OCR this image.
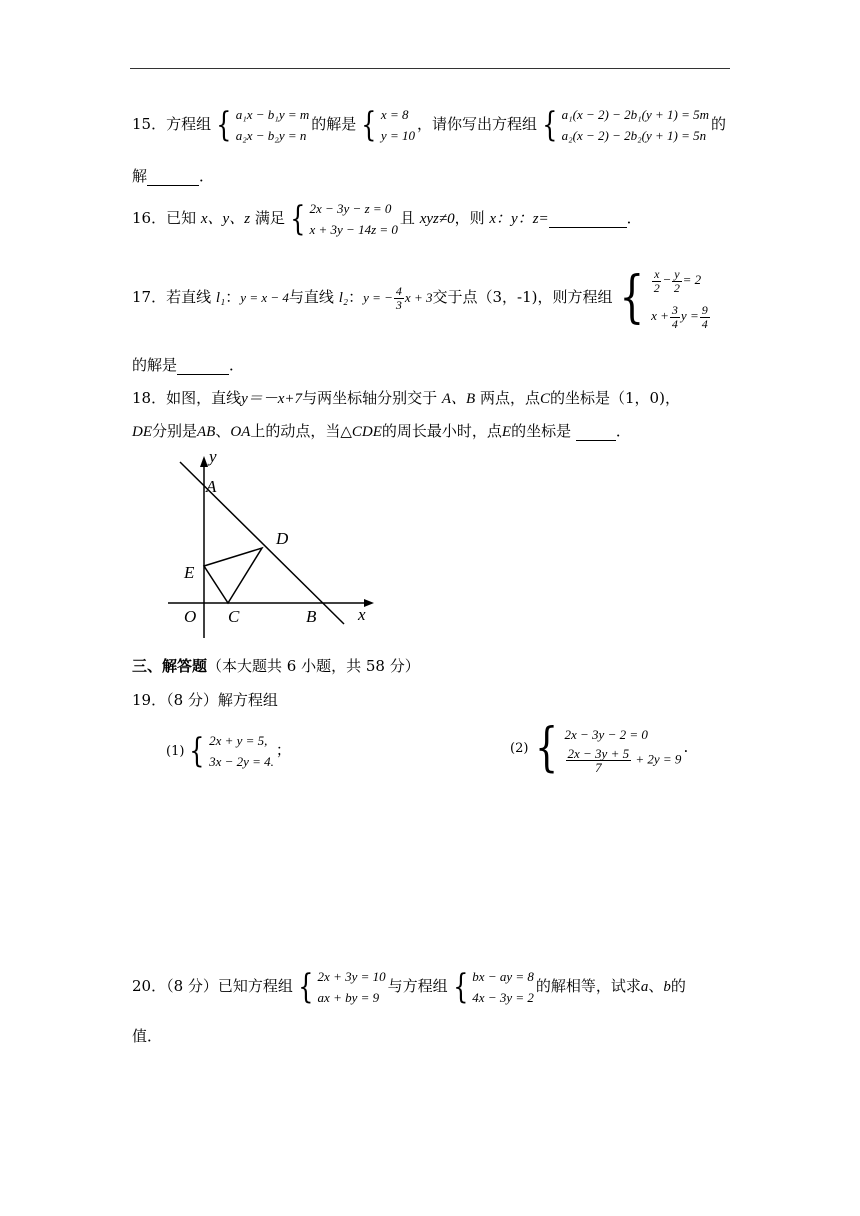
15．方程组 { a₁x − b₁y = m
a₂x − b₂y = n
的解是 { x = 8
y = 10
，请你写出方程组 { a₁(x − 2) − 2b₁(y + 1) = 5m
a₂(x − 2) − 2b₂(y + 1) = 5n
的
解	．
16．已知 x、y、z 满足 { 2x − 3y − z = 0
x + 3y − 14z = 0
且 xyz≠0，则 x：y：z=	．
17．若直线 l₁：y = x − 4与直线 l₂：y = − $\frac{4}{3}$ x + 3交于点（3，-1)，则方程组 { $\frac{x}{2} - \frac{y}{2} = 2$
$x + \frac{3}{4}$ $y = \frac{9}{4}$
的解是	．
18．如图，直线y＝－x+7与两坐标轴分别交于 A、B 两点，点C的坐标是（1，0)，
DE分别是AB、OA上的动点，当△CDE的周长最小时，点E的坐标是	．
y
A
D
E
O C	B x
三、解答题（本大题共 6 小题，共 58 分）
19．（8 分）解方程组
(1) { 2x + y = 5,
3x − 2y = 4.
；	(2) { 2x − 3y − 2 = 0
$\frac{2x - 3y + 5}{7} + 2y = 9$
.
20．（8 分）已知方程组 { 2x + 3y = 10
ax + by = 9
与方程组 { bx − ay = 8
4x − 3y = 2
的解相等，试求a、b的
值．
